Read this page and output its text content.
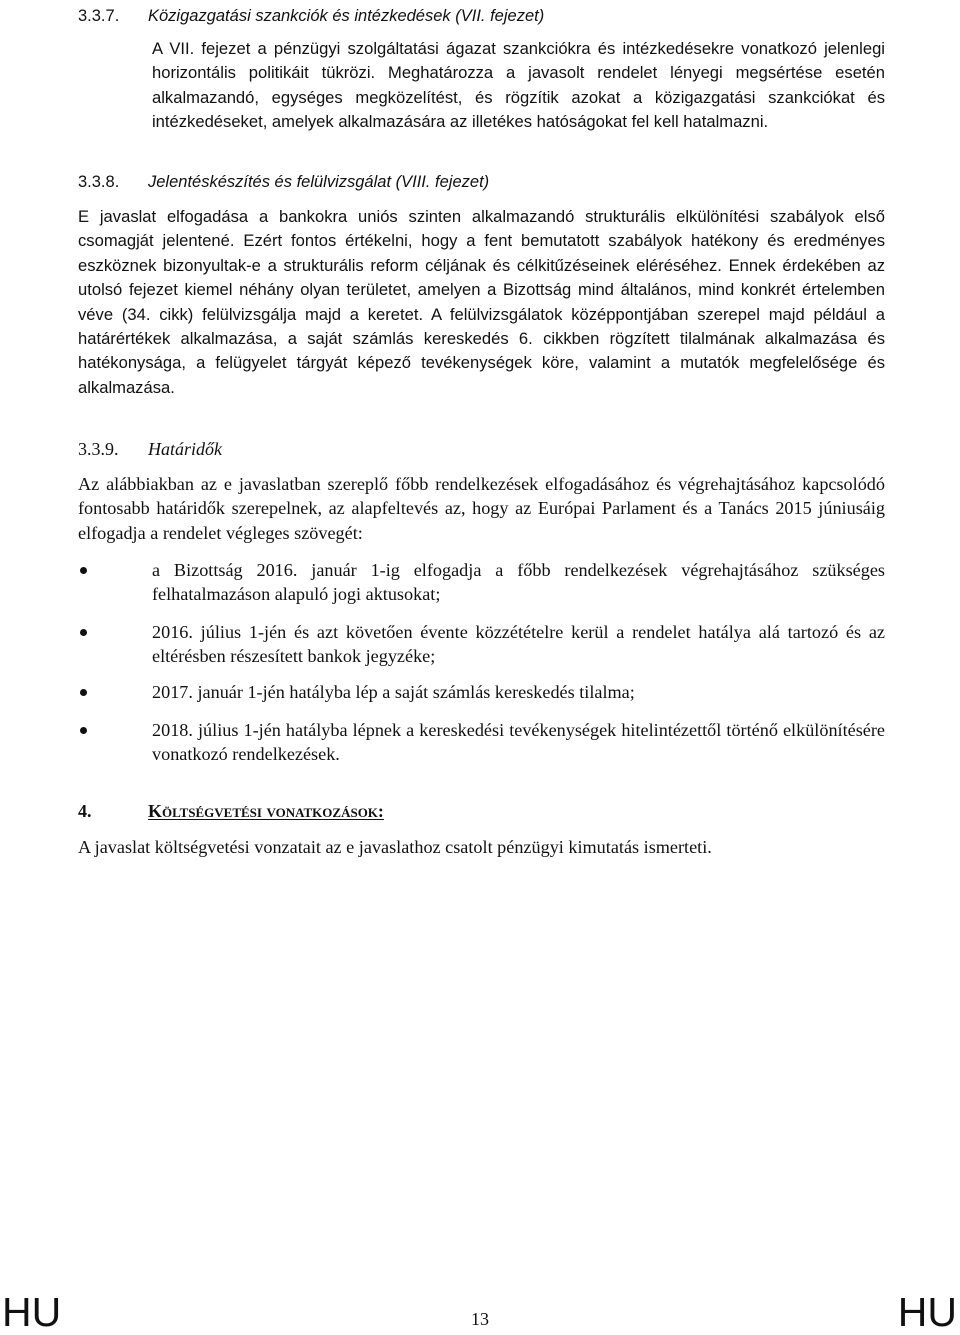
3.3.7. Közigazgatási szankciók és intézkedések (VII. fejezet)
A VII. fejezet a pénzügyi szolgáltatási ágazat szankciókra és intézkedésekre vonatkozó jelenlegi horizontális politikáit tükrözi. Meghatározza a javasolt rendelet lényegi megsértése esetén alkalmazandó, egységes megközelítést, és rögzítik azokat a közigazgatási szankciókat és intézkedéseket, amelyek alkalmazására az illetékes hatóságokat fel kell hatalmazni.
3.3.8. Jelentéskészítés és felülvizsgálat (VIII. fejezet)
E javaslat elfogadása a bankokra uniós szinten alkalmazandó strukturális elkülönítési szabályok első csomagját jelentené. Ezért fontos értékelni, hogy a fent bemutatott szabályok hatékony és eredményes eszköznek bizonyultak-e a strukturális reform céljának és célkitűzéseinek eléréséhez. Ennek érdekében az utolsó fejezet kiemel néhány olyan területet, amelyen a Bizottság mind általános, mind konkrét értelemben véve (34. cikk) felülvizsgálja majd a keretet. A felülvizsgálatok középpontjában szerepel majd például a határértékek alkalmazása, a saját számlás kereskedés 6. cikkben rögzített tilalmának alkalmazása és hatékonysága, a felügyelet tárgyát képező tevékenységek köre, valamint a mutatók megfelelősége és alkalmazása.
3.3.9. Határidők
Az alábbiakban az e javaslatban szereplő főbb rendelkezések elfogadásához és végrehajtásához kapcsolódó fontosabb határidők szerepelnek, az alapfeltevés az, hogy az Európai Parlament és a Tanács 2015 júniusáig elfogadja a rendelet végleges szövegét:
a Bizottság 2016. január 1-ig elfogadja a főbb rendelkezések végrehajtásához szükséges felhatalmazáson alapuló jogi aktusokat;
2016. július 1-jén és azt követően évente közzétételre kerül a rendelet hatálya alá tartozó és az eltérésben részesített bankok jegyzéke;
2017. január 1-jén hatályba lép a saját számlás kereskedés tilalma;
2018. július 1-jén hatályba lépnek a kereskedési tevékenységek hitelintézettől történő elkülönítésére vonatkozó rendelkezések.
4.	Költségvetési vonatkozások:
A javaslat költségvetési vonzatait az e javaslathoz csatolt pénzügyi kimutatás ismerteti.
HU	13	HU
